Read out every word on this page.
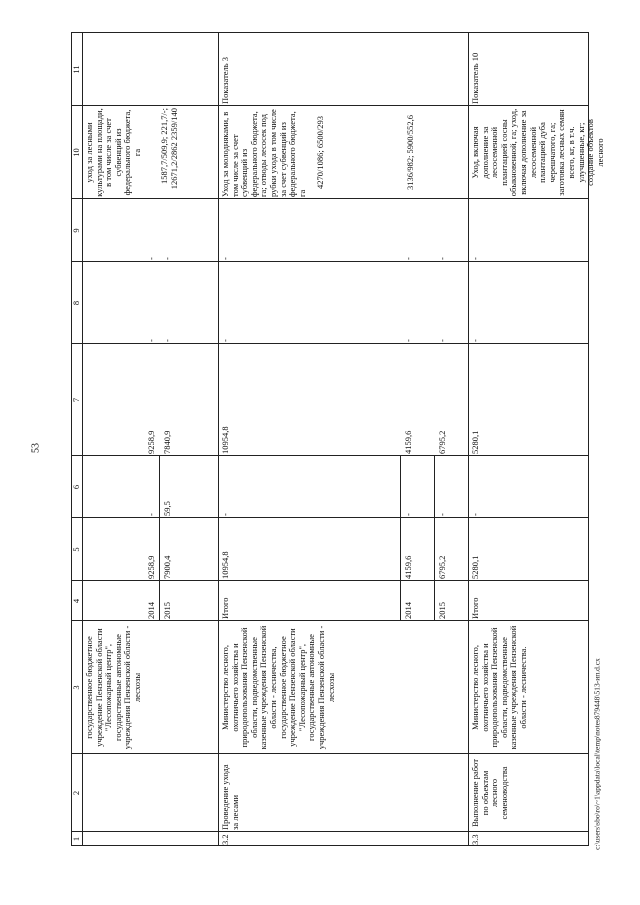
53
c:\users\sbo\ro\~1\appdata\local\temp\notes879448\513-ип.d.cx
1
2
3
4
5
6
7
8
9
10
11
государственное бюджетное учреждение Пензенской области "Лесопожарный центр", государственные автономные учреждения Пензенской области - лесхозы
уход за лесными культурами на площади, в том числе за счет субвенций из федерального бюджета, га
2014
9258,9
-
9258,9
-
-
1587,7/509,9; 221,7/-; 12671,2/2862 2359/140
2015
7900,4
59,5
7840,9
-
-
3.2
Проведение ухода за лесами
Министерство лесного, охотничьего хозяйства и природопользования Пензенской области, подведомственные казенные учреждения Пензенской области - лесничества, государственное бюджетное учреждение Пензенской области "Лесопожарный центр", государственные автономные учреждения Пензенской области - лесхозы
Итого
10954,8
-
10954,8
-
-
Уход за молодняками, в том числе за счет субвенций из федерального бюджета, га; отводы лесосек под рубки ухода в том числе за счет субвенций из федерального бюджета, га
Показатель 3
2014
4159,6
-
4159,6
-
-
4270/1086; 6500/293
2015
6795,2
-
6795,2
-
-
3136/982; 5900/552,6
3.3
Выполнение работ по объектам лесного семеноводства
Министерство лесного, охотничьего хозяйства и природопользования Пензенской области, подведомственные казенные учреждения Пензенской области - лесничества.
Итого
5280,1
-
5280,1
-
-
Уход, включая дополнение за лесосеменной плантацией сосны обыкновенной, га; уход, включая дополнение за лесосеменной плантацией дуба черешчатого, га; заготовка лесных семян всего, кг, в т.ч. улучшенные, кг; создание объектов лесного
Показатель 10
